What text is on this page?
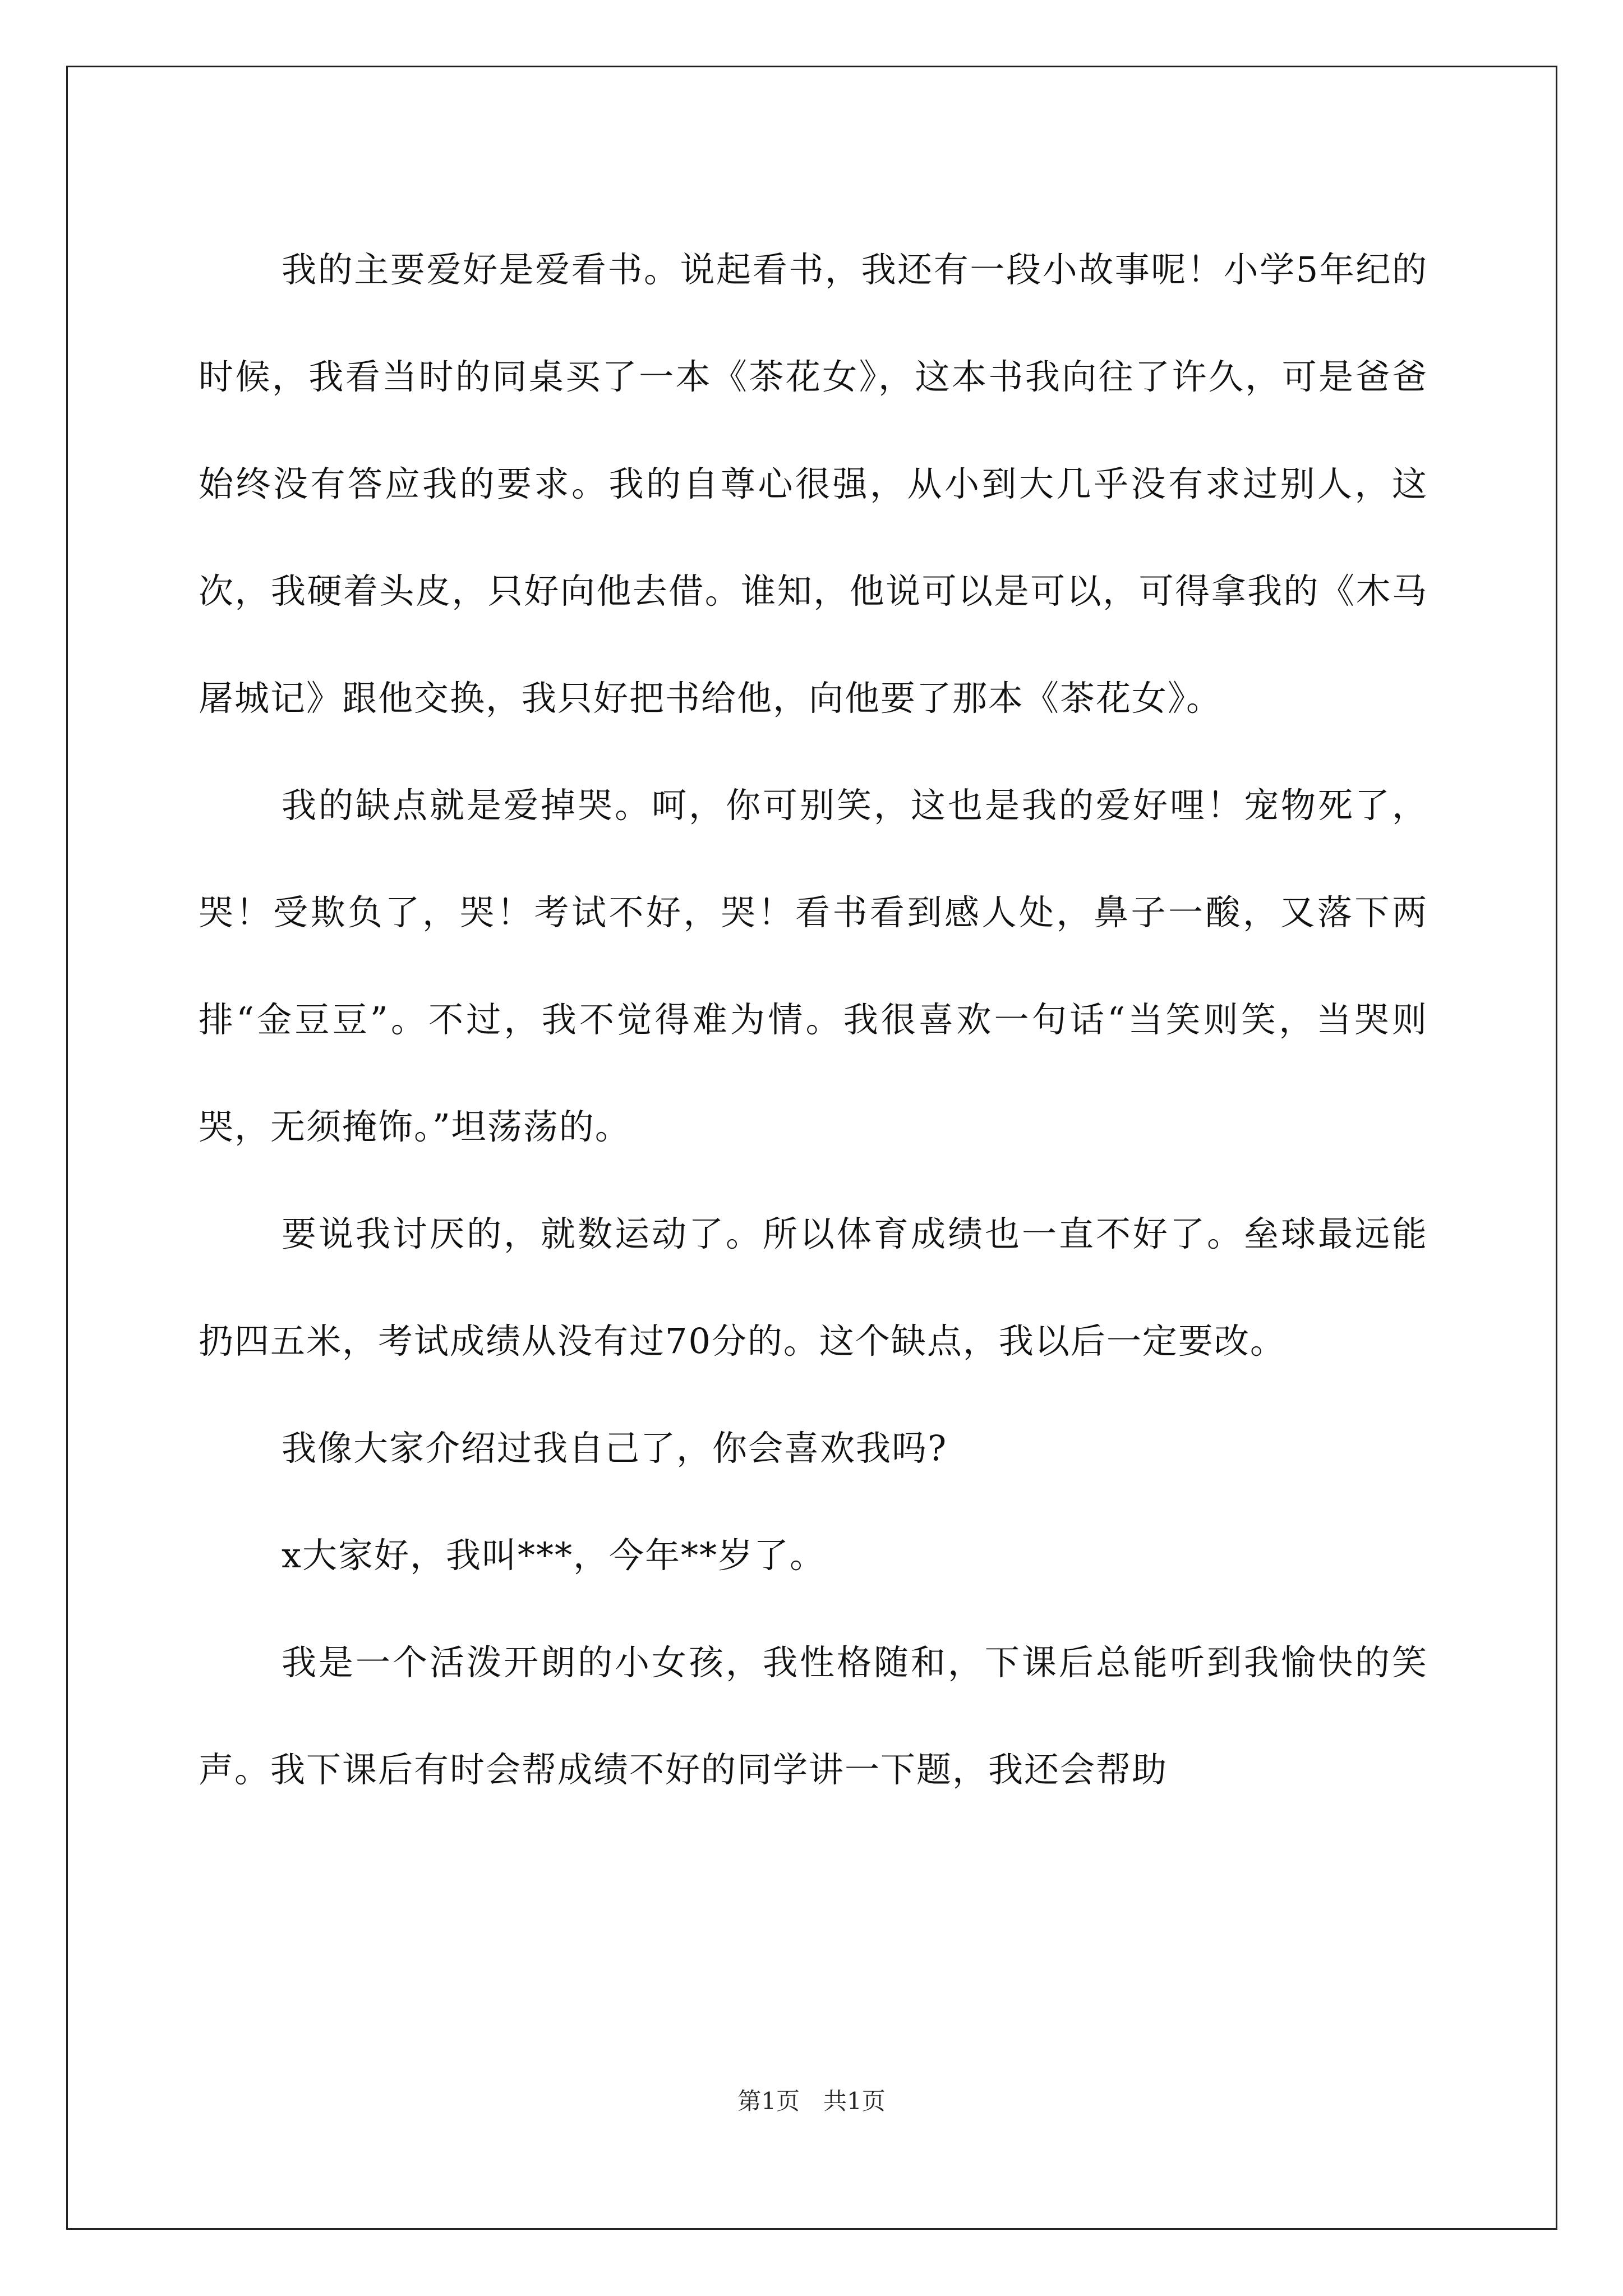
我的主要爱好是爱看书。说起看书，我还有一段小故事呢！小学5年纪的时候，我看当时的同桌买了一本《茶花女》，这本书我向往了许久，可是爸爸始终没有答应我的要求。我的自尊心很强，从小到大几乎没有求过别人，这次，我硬着头皮，只好向他去借。谁知，他说可以是可以，可得拿我的《木马屠城记》跟他交换，我只好把书给他，向他要了那本《茶花女》。

我的缺点就是爱掉哭。呵，你可别笑，这也是我的爱好哩！宠物死了，哭！受欺负了，哭！考试不好，哭！看书看到感人处，鼻子一酸，又落下两排“金豆豆”。不过，我不觉得难为情。我很喜欢一句话“当笑则笑，当哭则哭，无须掩饰。”坦荡荡的。

要说我讨厌的，就数运动了。所以体育成绩也一直不好了。垒球最远能扔四五米，考试成绩从没有过70分的。这个缺点，我以后一定要改。

我像大家介绍过我自己了，你会喜欢我吗?

x大家好，我叫***，今年**岁了。

我是一个活泼开朗的小女孩，我性格随和，下课后总能听到我愉快的笑声。我下课后有时会帮成绩不好的同学讲一下题，我还会帮助

第1页 共1页
